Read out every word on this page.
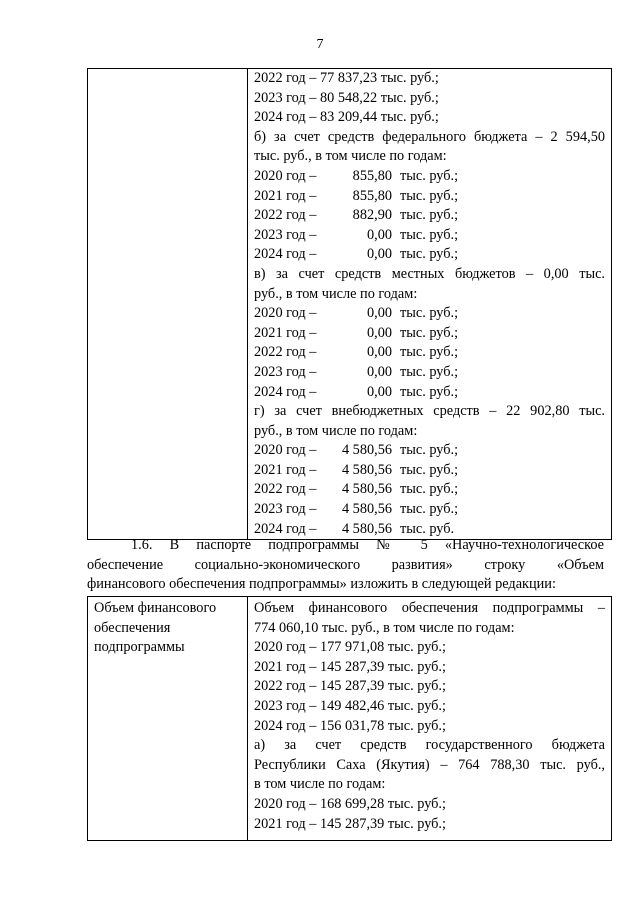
7

2022 год – 77 837,23 тыс. руб.;
2023 год – 80 548,22 тыс. руб.;
2024 год – 83 209,44 тыс. руб.;
б) за счет средств федерального бюджета – 2 594,50
тыс. руб., в том числе по годам:
2020 год –	855,80 тыс. руб.;
2021 год –	855,80 тыс. руб.;
2022 год –	882,90 тыс. руб.;
2023 год –	0,00 тыс. руб.;
2024 год –	0,00 тыс. руб.;
в) за счет средств местных бюджетов – 0,00 тыс.
руб., в том числе по годам:
2020 год –	0,00 тыс. руб.;
2021 год –	0,00 тыс. руб.;
2022 год –	0,00 тыс. руб.;
2023 год –	0,00 тыс. руб.;
2024 год –	0,00 тыс. руб.;
г) за счет внебюджетных средств – 22 902,80 тыс.
руб., в том числе по годам:
2020 год – 4 580,56 тыс. руб.;
2021 год – 4 580,56 тыс. руб.;
2022 год – 4 580,56 тыс. руб.;
2023 год – 4 580,56 тыс. руб.;
2024 год – 4 580,56 тыс. руб.
1.6. В паспорте подпрограммы № 5 «Научно-технологическое
обеспечение социально-экономического развития» строку «Объем
финансового обеспечения подпрограммы» изложить в следующей редакции:
Объем финансового
обеспечения
подпрограммы

Объем финансового обеспечения подпрограммы –
774 060,10 тыс. руб., в том числе по годам:
2020 год – 177 971,08 тыс. руб.;
2021 год – 145 287,39 тыс. руб.;
2022 год – 145 287,39 тыс. руб.;
2023 год – 149 482,46 тыс. руб.;
2024 год – 156 031,78 тыс. руб.;
а) за счет средств государственного бюджета
Республики Саха (Якутия) – 764 788,30 тыс. руб.,
в том числе по годам:
2020 год – 168 699,28 тыс. руб.;
2021 год – 145 287,39 тыс. руб.;
